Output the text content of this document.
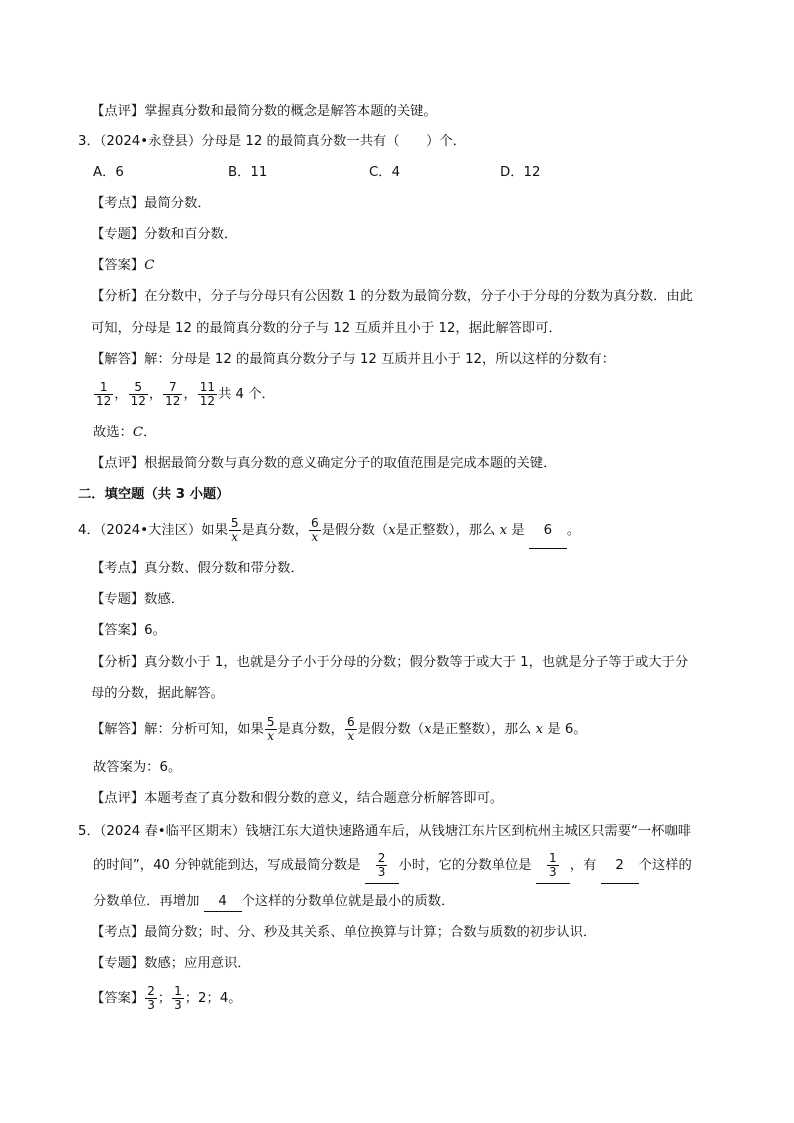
【点评】掌握真分数和最简分数的概念是解答本题的关键。
3．（2024•永登县）分母是 12 的最简真分数一共有（　　）个．
A．6	B．11	C．4	D．12
【考点】最简分数．
【专题】分数和百分数．
【答案】C
【分析】在分数中，分子与分母只有公因数 1 的分数为最简分数，分子小于分母的分数为真分数．由此
可知，分母是 12 的最简真分数的分子与 12 互质并且小于 12，据此解答即可．
【解答】解：分母是 12 的最简真分数分子与 12 互质并且小于 12，所以这样的分数有：
$\frac{1}{12}$ ， $\frac{5}{12}$ ， $\frac{7}{12}$ ， $\frac{11}{12}$ 共 4 个．
故选：C．
【点评】根据最简分数与真分数的意义确定分子的取值范围是完成本题的关键．
二．填空题（共 3 小题）
4．（2024•大洼区）如果 $\frac{5}{x}$ 是真分数， $\frac{6}{x}$ 是假分数（x是正整数），那么 x 是 6 。
【考点】真分数、假分数和带分数．
【专题】数感．
【答案】6。
【分析】真分数小于 1，也就是分子小于分母的分数；假分数等于或大于 1，也就是分子等于或大于分
母的分数，据此解答。
【解答】解：分析可知，如果 $\frac{5}{x}$ 是真分数， $\frac{6}{x}$ 是假分数（x是正整数），那么 x 是 6。
故答案为：6。
【点评】本题考查了真分数和假分数的意义，结合题意分析解答即可。
5．（2024 春•临平区期末）钱塘江东大道快速路通车后，从钱塘江东片区到杭州主城区只需要“一杯咖啡
的时间”，40 分钟就能到达，写成最简分数是 $\frac{2}{3}$ 小时，它的分数单位是 $\frac{1}{3}$ ，有 2 个这样的
分数单位．再增加 4 个这样的分数单位就是最小的质数．
【考点】最简分数；时、分、秒及其关系、单位换算与计算；合数与质数的初步认识．
【专题】数感；应用意识．
【答案】 $\frac{2}{3}$ ； $\frac{1}{3}$ ；2；4。
